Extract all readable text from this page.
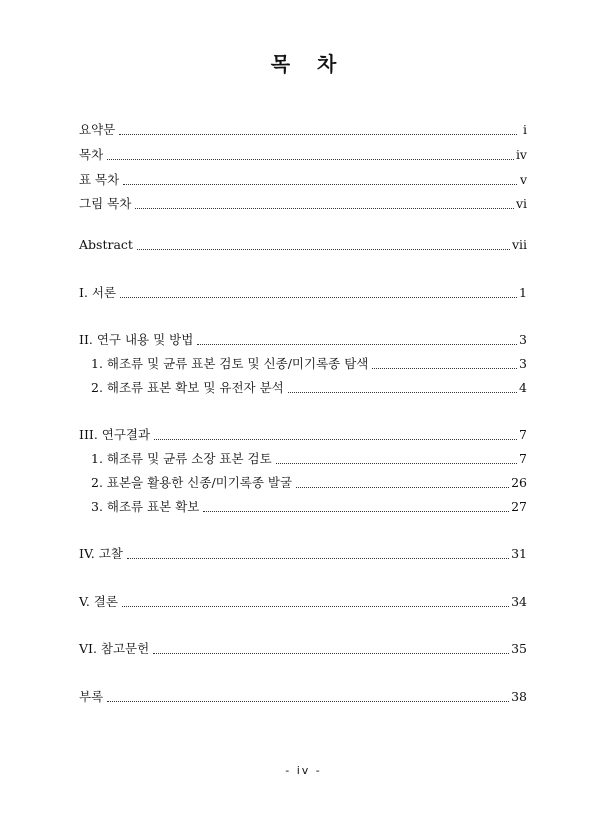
목 차
요약문	i
목차	iv
표 목차	v
그림 목차	vi
Abstract	vii
I. 서론	1
II. 연구 내용 및 방법	3
1. 해조류 및 균류 표본 검토 및 신종/미기록종 탐색	3
2. 해조류 표본 확보 및 유전자 분석	4
III. 연구결과	7
1. 해조류 및 균류 소장 표본 검토	7
2. 표본을 활용한 신종/미기록종 발굴	26
3. 해조류 표본 확보	27
IV. 고찰	31
V. 결론	34
VI. 참고문헌	35
부록	38
- iv -
